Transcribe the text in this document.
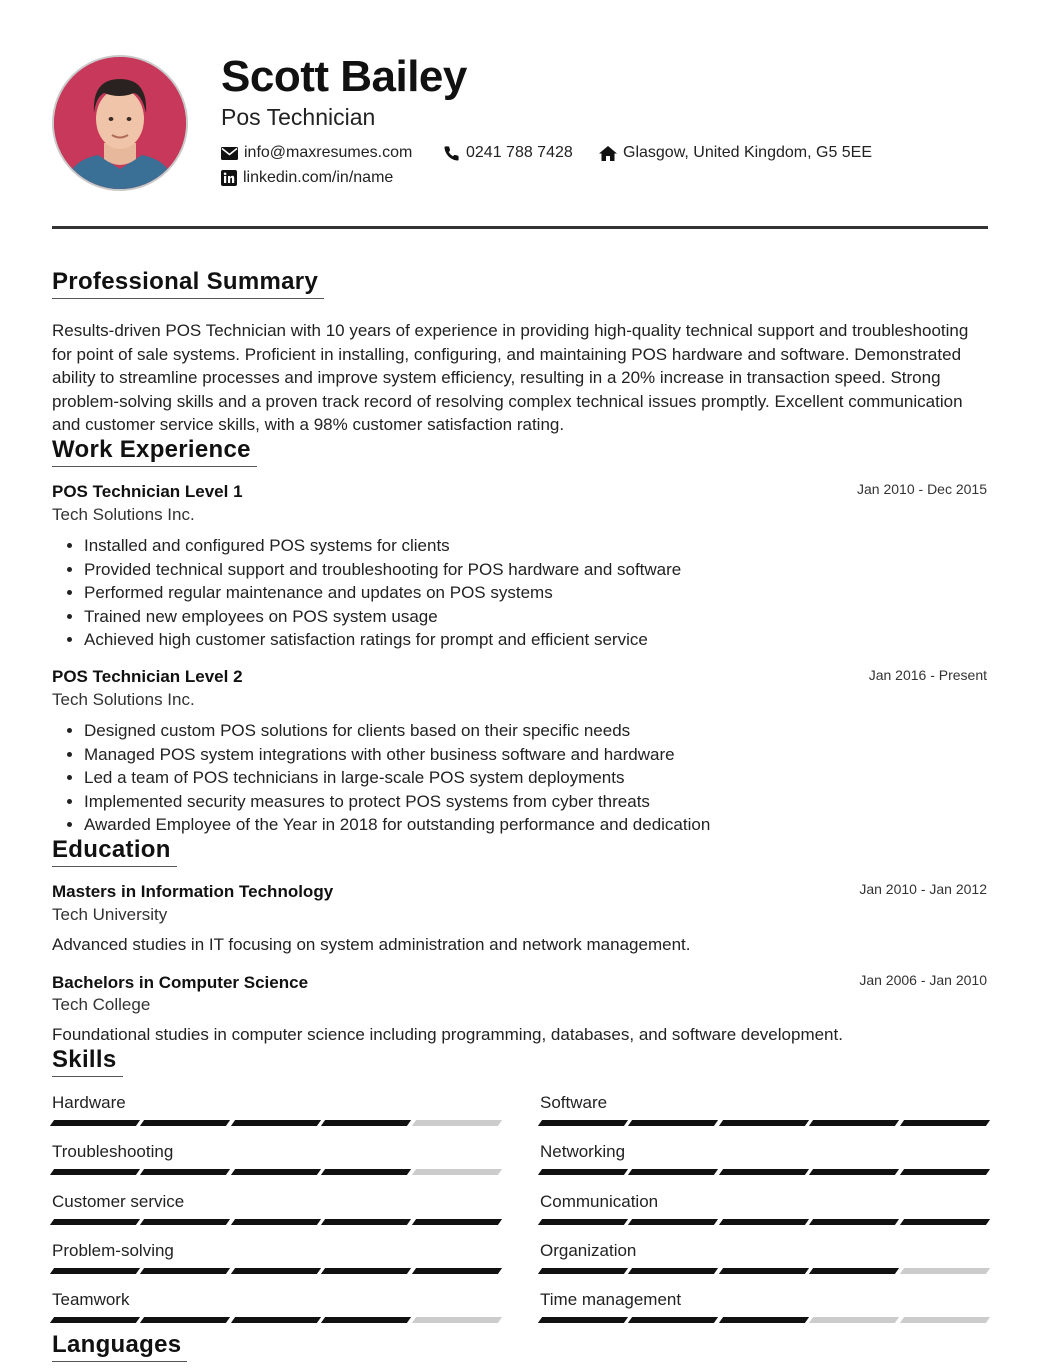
Scott Bailey
Pos Technician
info@maxresumes.com	0241 788 7428	Glasgow, United Kingdom, G5 5EE
linkedin.com/in/name
Professional Summary

Results-driven POS Technician with 10 years of experience in providing high-quality technical support and troubleshooting for point of sale systems. Proficient in installing, configuring, and maintaining POS hardware and software. Demonstrated ability to streamline processes and improve system efficiency, resulting in a 20% increase in transaction speed. Strong problem-solving skills and a proven track record of resolving complex technical issues promptly. Excellent communication and customer service skills, with a 98% customer satisfaction rating.

Work Experience
POS Technician Level 1	Jan 2010 - Dec 2015
Tech Solutions Inc.
• Installed and configured POS systems for clients
• Provided technical support and troubleshooting for POS hardware and software
• Performed regular maintenance and updates on POS systems
• Trained new employees on POS system usage
• Achieved high customer satisfaction ratings for prompt and efficient service
POS Technician Level 2	Jan 2016 - Present
Tech Solutions Inc.
• Designed custom POS solutions for clients based on their specific needs
• Managed POS system integrations with other business software and hardware
• Led a team of POS technicians in large-scale POS system deployments
• Implemented security measures to protect POS systems from cyber threats
• Awarded Employee of the Year in 2018 for outstanding performance and dedication
Education
Masters in Information Technology	Jan 2010 - Jan 2012
Tech University
Advanced studies in IT focusing on system administration and network management.
Bachelors in Computer Science	Jan 2006 - Jan 2010
Tech College
Foundational studies in computer science including programming, databases, and software development.
Skills
Hardware	Software
Troubleshooting	Networking
Customer service	Communication
Problem-solving	Organization
Teamwork	Time management
Languages
